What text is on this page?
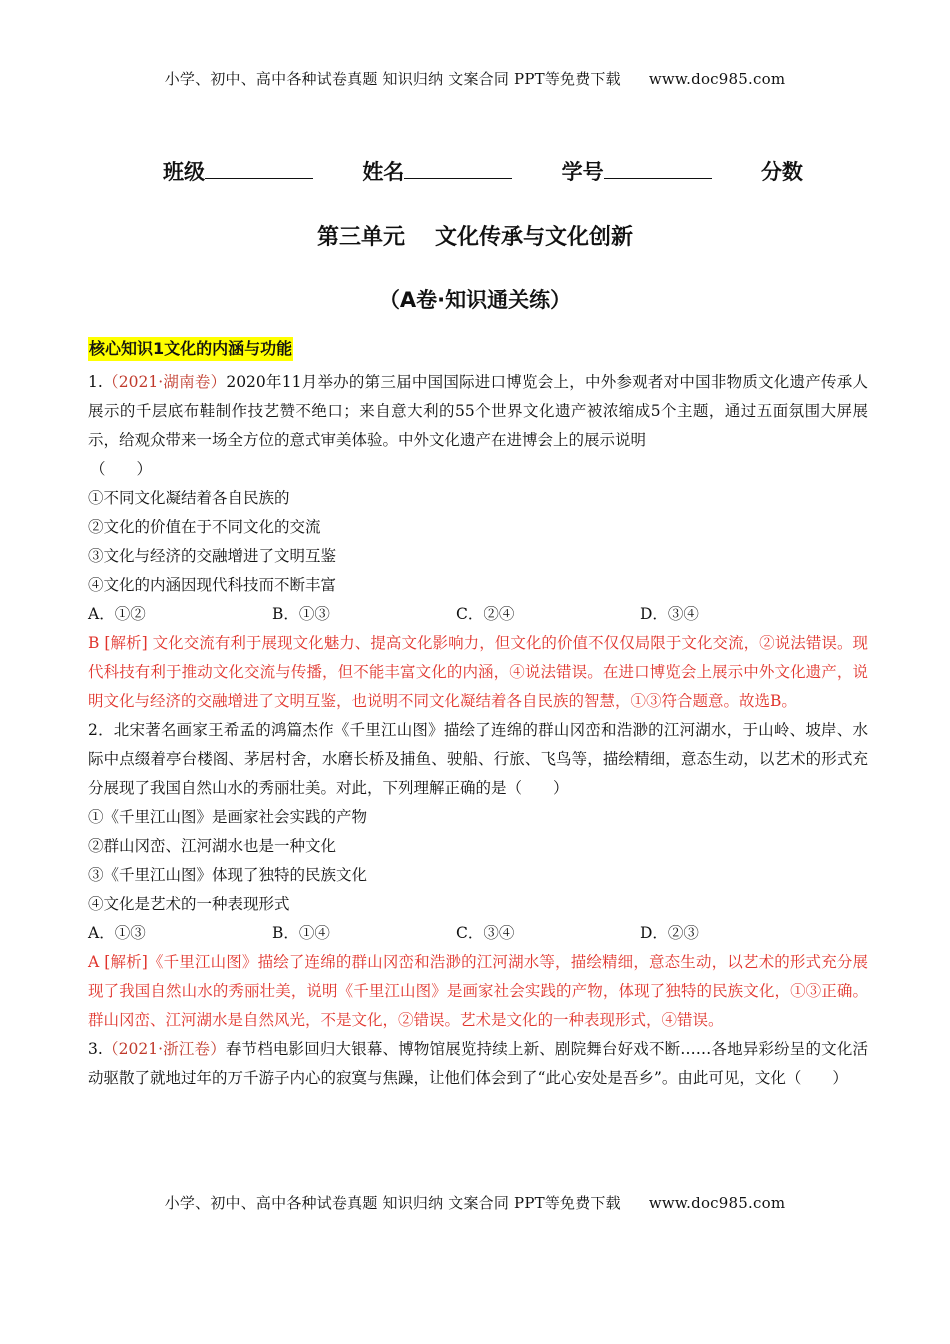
小学、初中、高中各种试卷真题 知识归纳 文案合同 PPT等免费下载 www.doc985.com
班级	姓名	学号	分数
第三单元 文化传承与文化创新
（A卷·知识通关练）
核心知识1文化的内涵与功能

1.（2021·湖南卷）2020年11月举办的第三届中国国际进口博览会上，中外参观者对中国非物质文化遗产传承人展示的千层底布鞋制作技艺赞不绝口；来自意大利的55个世界文化遗产被浓缩成5个主题，通过五面氛围大屏展示，给观众带来一场全方位的意式审美体验。中外文化遗产在进博会上的展示说明

（　　）

①不同文化凝结着各自民族的

②文化的价值在于不同文化的交流

③文化与经济的交融增进了文明互鉴

④文化的内涵因现代科技而不断丰富

A．①②	B．①③	C．②④	D．③④

B [解析] 文化交流有利于展现文化魅力、提高文化影响力，但文化的价值不仅仅局限于文化交流，②说法错误。现代科技有利于推动文化交流与传播，但不能丰富文化的内涵，④说法错误。在进口博览会上展示中外文化遗产，说明文化与经济的交融增进了文明互鉴，也说明不同文化凝结着各自民族的智慧，①③符合题意。故选B。

2．北宋著名画家王希孟的鸿篇杰作《千里江山图》描绘了连绵的群山冈峦和浩渺的江河湖水，于山岭、坡岸、水际中点缀着亭台楼阁、茅居村舍，水磨长桥及捕鱼、驶船、行旅、飞鸟等，描绘精细，意态生动，以艺术的形式充分展现了我国自然山水的秀丽壮美。对此，下列理解正确的是（　　）

①《千里江山图》是画家社会实践的产物

②群山冈峦、江河湖水也是一种文化

③《千里江山图》体现了独特的民族文化

④文化是艺术的一种表现形式

A．①③	B．①④	C．③④	D．②③

A [解析]《千里江山图》描绘了连绵的群山冈峦和浩渺的江河湖水等，描绘精细，意态生动，以艺术的形式充分展现了我国自然山水的秀丽壮美，说明《千里江山图》是画家社会实践的产物，体现了独特的民族文化，①③正确。群山冈峦、江河湖水是自然风光，不是文化，②错误。艺术是文化的一种表现形式，④错误。

3.（2021·浙江卷）春节档电影回归大银幕、博物馆展览持续上新、剧院舞台好戏不断……各地异彩纷呈的文化活动驱散了就地过年的万千游子内心的寂寞与焦躁，让他们体会到了“此心安处是吾乡”。由此可见，文化（　　）

小学、初中、高中各种试卷真题 知识归纳 文案合同 PPT等免费下载 www.doc985.com
